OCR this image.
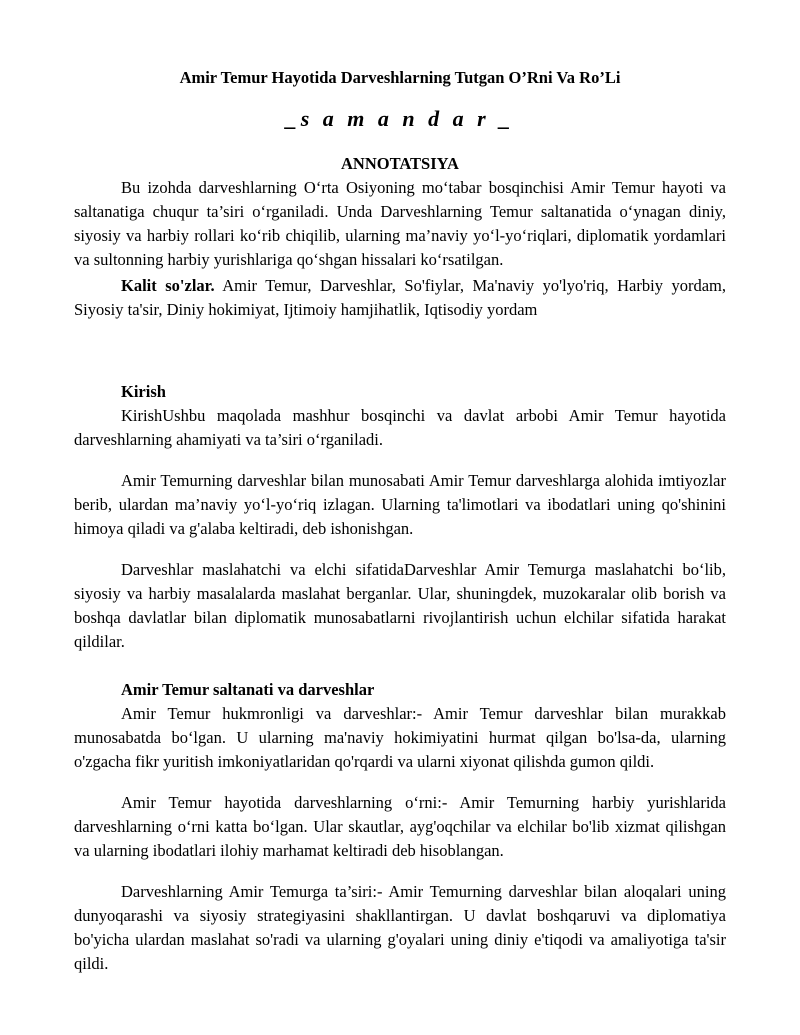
Amir Temur Hayotida Darveshlarning Tutgan O’Rni Va Ro’Li
_s a m a n d a r _
ANNOTATSIYA

Bu izohda darveshlarning O‘rta Osiyoning mo‘tabar bosqinchisi Amir Temur hayoti va saltanatiga chuqur ta’siri o‘rganiladi. Unda Darveshlarning Temur saltanatida o‘ynagan diniy, siyosiy va harbiy rollari ko‘rib chiqilib, ularning ma’naviy yo‘l-yo‘riqlari, diplomatik yordamlari va sultonning harbiy yurishlariga qo‘shgan hissalari ko‘rsatilgan.

Kalit so'zlar. Amir Temur, Darveshlar, So'fiylar, Ma'naviy yo'lyo'riq, Harbiy yordam, Siyosiy ta'sir, Diniy hokimiyat, Ijtimoiy hamjihatlik, Iqtisodiy yordam

Kirish

KirishUshbu maqolada mashhur bosqinchi va davlat arbobi Amir Temur hayotida darveshlarning ahamiyati va ta’siri o‘rganiladi.

Amir Temurning darveshlar bilan munosabati Amir Temur darveshlarga alohida imtiyozlar berib, ulardan ma’naviy yo‘l-yo‘riq izlagan. Ularning ta'limotlari va ibodatlari uning qo'shinini himoya qiladi va g'alaba keltiradi, deb ishonishgan.

Darveshlar maslahatchi va elchi sifatidaDarveshlar Amir Temurga maslahatchi bo‘lib, siyosiy va harbiy masalalarda maslahat berganlar. Ular, shuningdek, muzokaralar olib borish va boshqa davlatlar bilan diplomatik munosabatlarni rivojlantirish uchun elchilar sifatida harakat qildilar.

Amir Temur saltanati va darveshlar

Amir Temur hukmronligi va darveshlar:- Amir Temur darveshlar bilan murakkab munosabatda bo‘lgan. U ularning ma'naviy hokimiyatini hurmat qilgan bo'lsa-da, ularning o'zgacha fikr yuritish imkoniyatlaridan qo'rqardi va ularni xiyonat qilishda gumon qildi.

Amir Temur hayotida darveshlarning o‘rni:- Amir Temurning harbiy yurishlarida darveshlarning o‘rni katta bo‘lgan. Ular skautlar, ayg'oqchilar va elchilar bo'lib xizmat qilishgan va ularning ibodatlari ilohiy marhamat keltiradi deb hisoblangan.

Darveshlarning Amir Temurga ta’siri:- Amir Temurning darveshlar bilan aloqalari uning dunyoqarashi va siyosiy strategiyasini shakllantirgan. U davlat boshqaruvi va diplomatiya bo'yicha ulardan maslahat so'radi va ularning g'oyalari uning diniy e'tiqodi va amaliyotiga ta'sir qildi.
